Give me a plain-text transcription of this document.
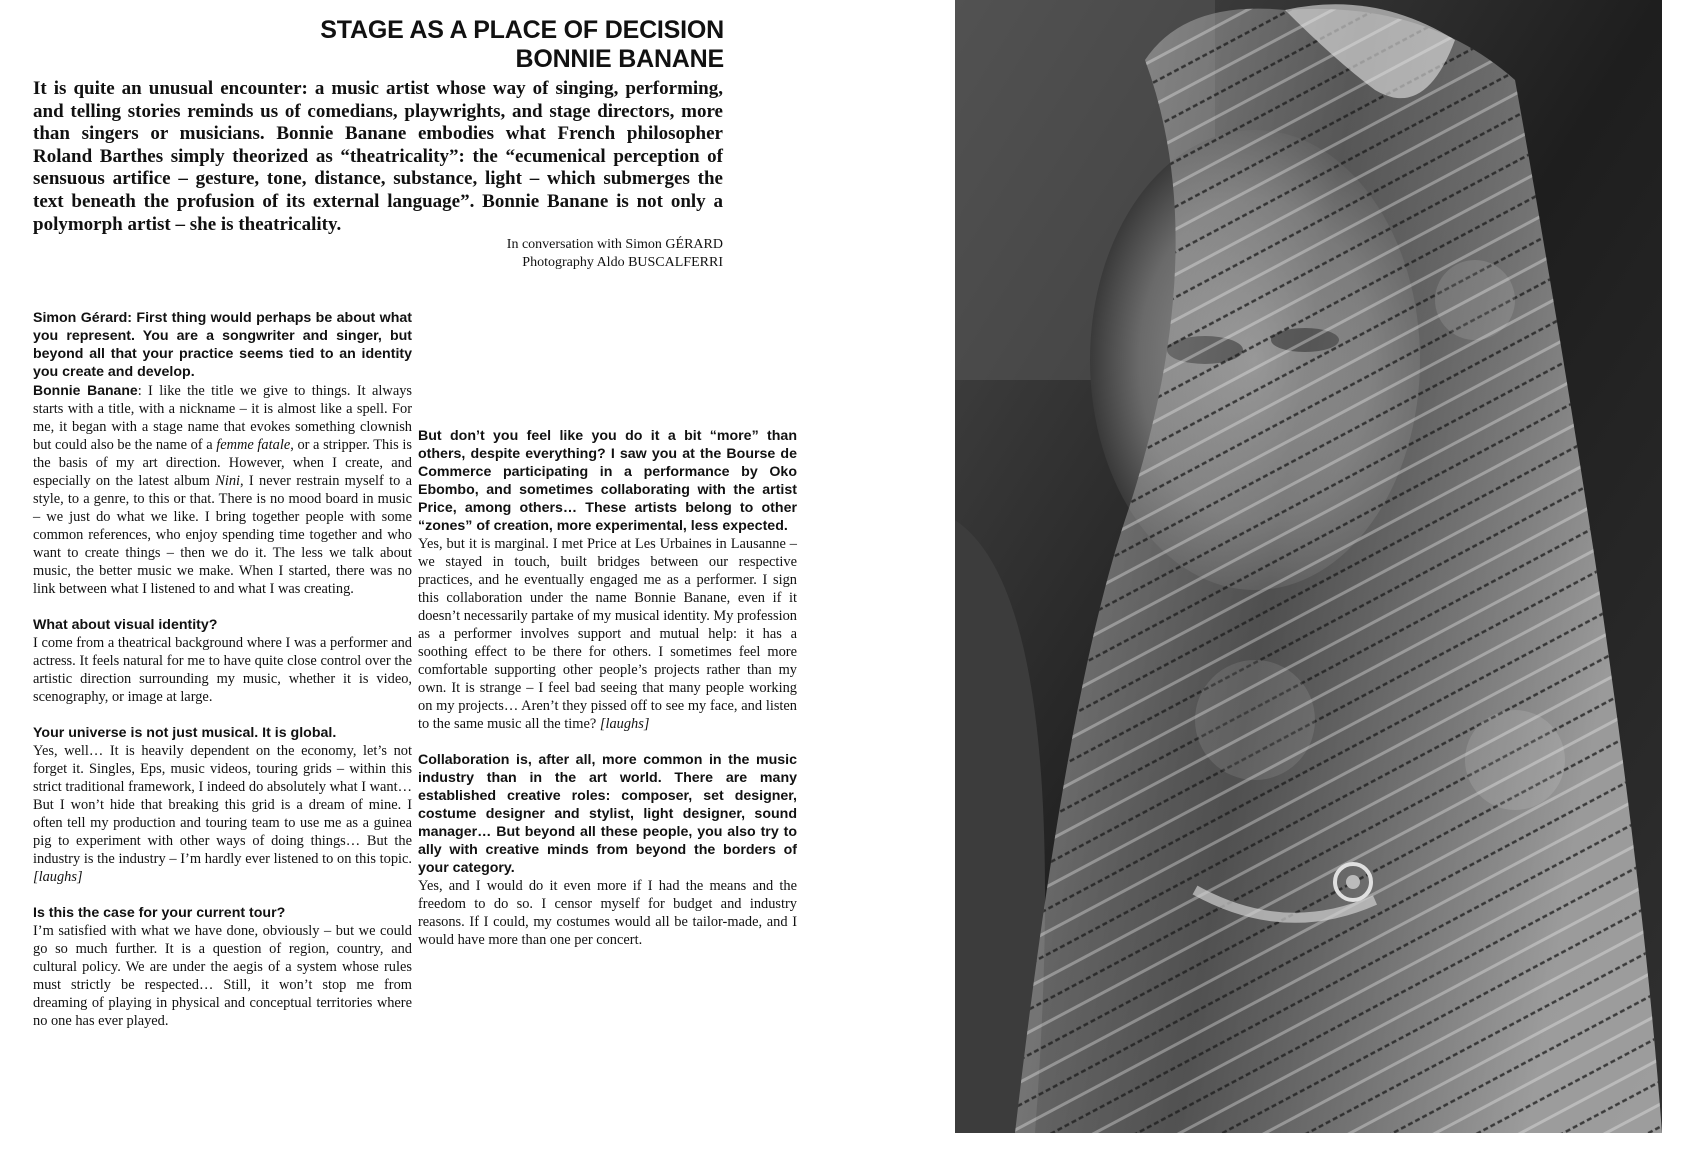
STAGE AS A PLACE OF DECISION
BONNIE BANANE

It is quite an unusual encounter: a music artist whose way of singing, performing, and telling stories reminds us of comedians, playwrights, and stage directors, more than singers or musicians. Bonnie Banane embodies what French philosopher Roland Barthes simply theorized as “theatricality”: the “ecumenical perception of sensuous artifice – gesture, tone, distance, substance, light – which submerges the text beneath the profusion of its external language”. Bonnie Banane is not only a polymorph artist – she is theatricality.

In conversation with Simon GÉRARD
Photography Aldo BUSCALFERRI

Simon Gérard: First thing would perhaps be about what you represent. You are a songwriter and singer, but beyond all that your practice seems tied to an identity you create and develop.

Bonnie Banane: I like the title we give to things. It always starts with a title, with a nickname – it is almost like a spell. For me, it began with a stage name that evokes something clownish but could also be the name of a femme fatale, or a stripper. This is the basis of my art direction. However, when I create, and especially on the latest album Nini, I never restrain myself to a style, to a genre, to this or that. There is no mood board in music – we just do what we like. I bring together people with some common references, who enjoy spending time together and who want to create things – then we do it. The less we talk about music, the better music we make. When I started, there was no link between what I listened to and what I was creating.

What about visual identity?

I come from a theatrical background where I was a performer and actress. It feels natural for me to have quite close control over the artistic direction surrounding my music, whether it is video, scenography, or image at large.

Your universe is not just musical. It is global.

Yes, well… It is heavily dependent on the economy, let’s not forget it. Singles, Eps, music videos, touring grids – within this strict traditional framework, I indeed do absolutely what I want… But I won’t hide that breaking this grid is a dream of mine. I often tell my production and touring team to use me as a guinea pig to experiment with other ways of doing things… But the industry is the industry – I’m hardly ever listened to on this topic. [laughs]

Is this the case for your current tour?

I’m satisfied with what we have done, obviously – but we could go so much further. It is a question of region, country, and cultural policy. We are under the aegis of a system whose rules must strictly be respected… Still, it won’t stop me from dreaming of playing in physical and conceptual territories where no one has ever played.

But don’t you feel like you do it a bit “more” than others, despite everything? I saw you at the Bourse de Commerce participating in a performance by Oko Ebombo, and sometimes collaborating with the artist Price, among others… These artists belong to other “zones” of creation, more experimental, less expected.

Yes, but it is marginal. I met Price at Les Urbaines in Lausanne – we stayed in touch, built bridges between our respective practices, and he eventually engaged me as a performer. I sign this collaboration under the name Bonnie Banane, even if it doesn’t necessarily partake of my musical identity. My profession as a performer involves support and mutual help: it has a soothing effect to be there for others. I sometimes feel more comfortable supporting other people’s projects rather than my own. It is strange – I feel bad seeing that many people working on my projects… Aren’t they pissed off to see my face, and listen to the same music all the time? [laughs]

Collaboration is, after all, more common in the music industry than in the art world. There are many established creative roles: composer, set designer, costume designer and stylist, light designer, sound manager… But beyond all these people, you also try to ally with creative minds from beyond the borders of your category.

Yes, and I would do it even more if I had the means and the freedom to do so. I censor myself for budget and industry reasons. If I could, my costumes would all be tailor-made, and I would have more than one per concert.
